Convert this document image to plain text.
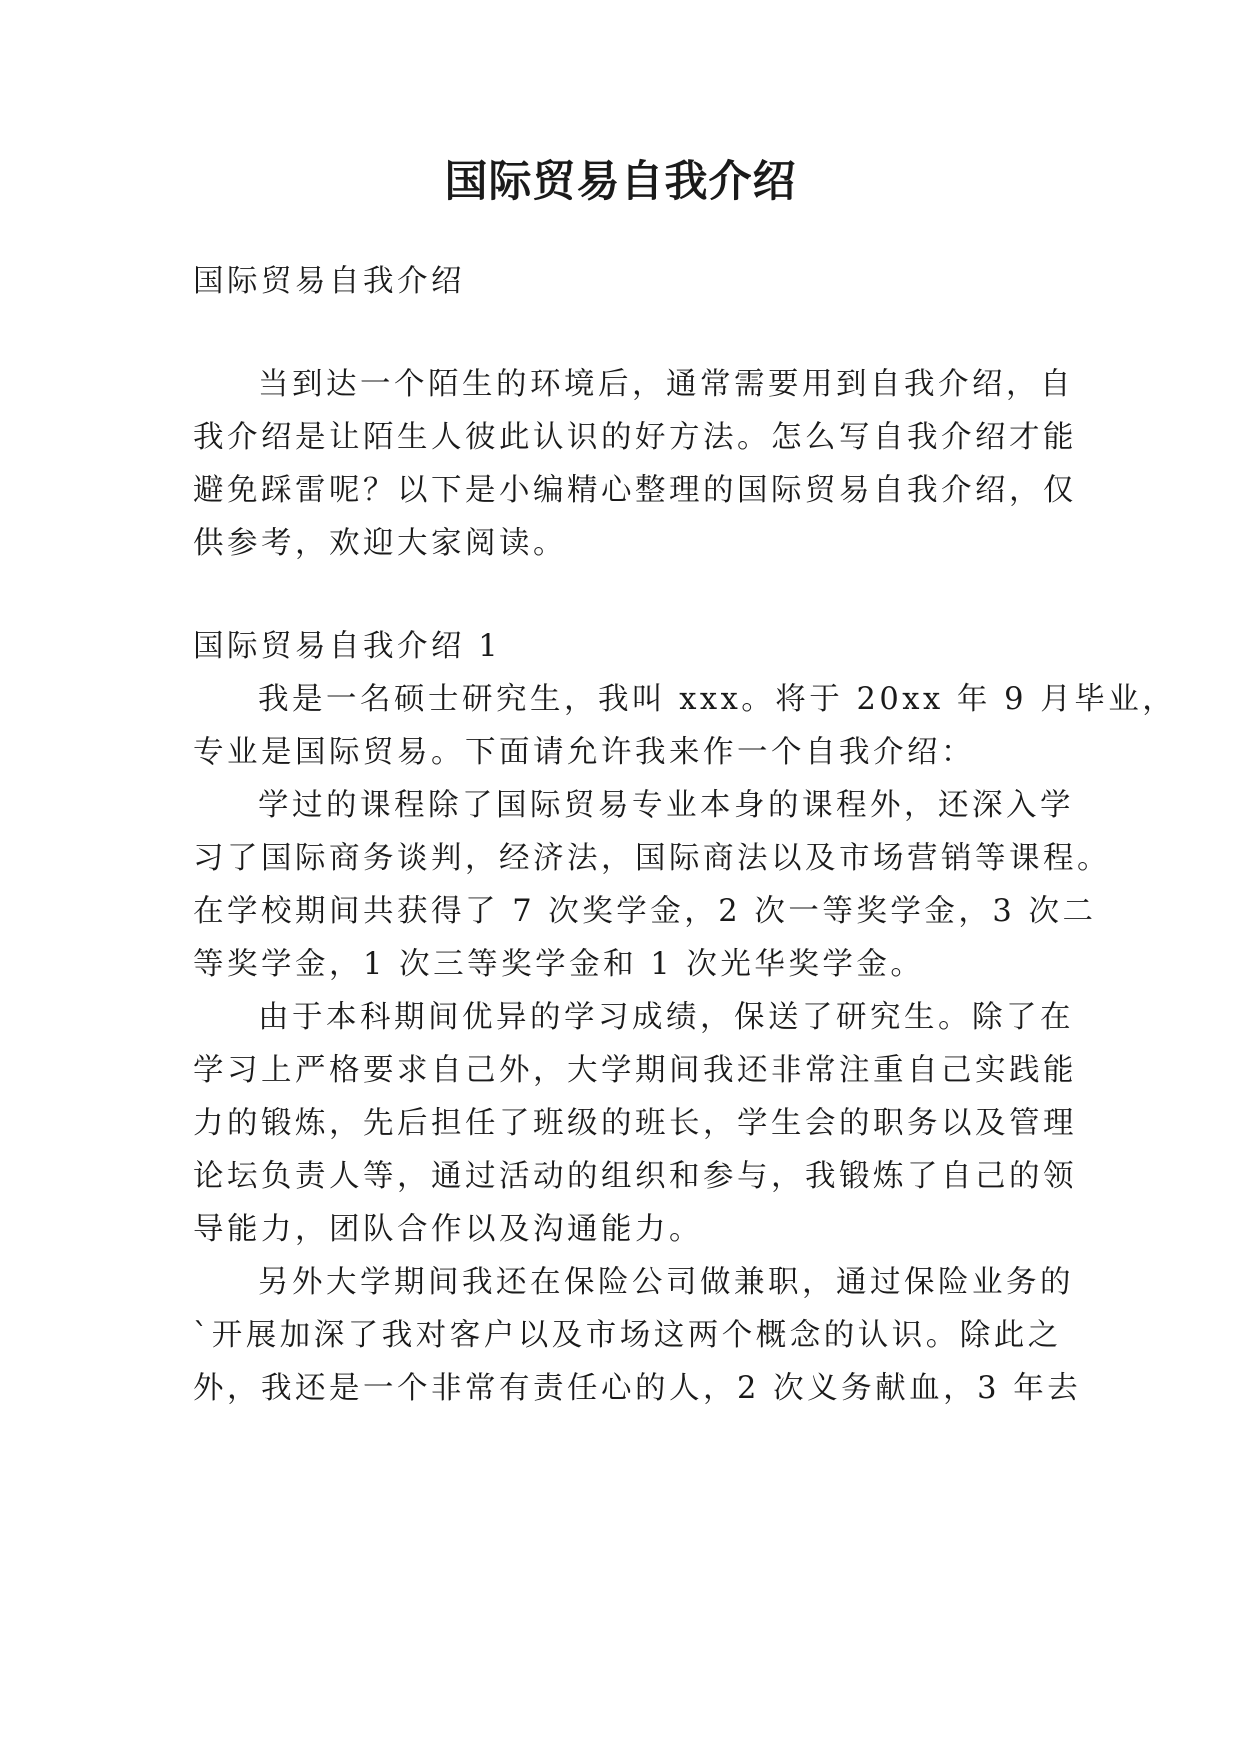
国际贸易自我介绍
国际贸易自我介绍
当到达一个陌生的环境后，通常需要用到自我介绍，自
我介绍是让陌生人彼此认识的好方法。怎么写自我介绍才能
避免踩雷呢？以下是小编精心整理的国际贸易自我介绍，仅
供参考，欢迎大家阅读。
国际贸易自我介绍 1
我是一名硕士研究生，我叫 xxx。将于 20xx 年 9 月毕业，
专业是国际贸易。下面请允许我来作一个自我介绍：
学过的课程除了国际贸易专业本身的课程外，还深入学
习了国际商务谈判，经济法，国际商法以及市场营销等课程。
在学校期间共获得了 7 次奖学金，2 次一等奖学金，3 次二
等奖学金，1 次三等奖学金和 1 次光华奖学金。
由于本科期间优异的学习成绩，保送了研究生。除了在
学习上严格要求自己外，大学期间我还非常注重自己实践能
力的锻炼，先后担任了班级的班长，学生会的职务以及管理
论坛负责人等，通过活动的组织和参与，我锻炼了自己的领
导能力，团队合作以及沟通能力。
另外大学期间我还在保险公司做兼职，通过保险业务的
`开展加深了我对客户以及市场这两个概念的认识。除此之
外，我还是一个非常有责任心的人，2 次义务献血，3 年去
